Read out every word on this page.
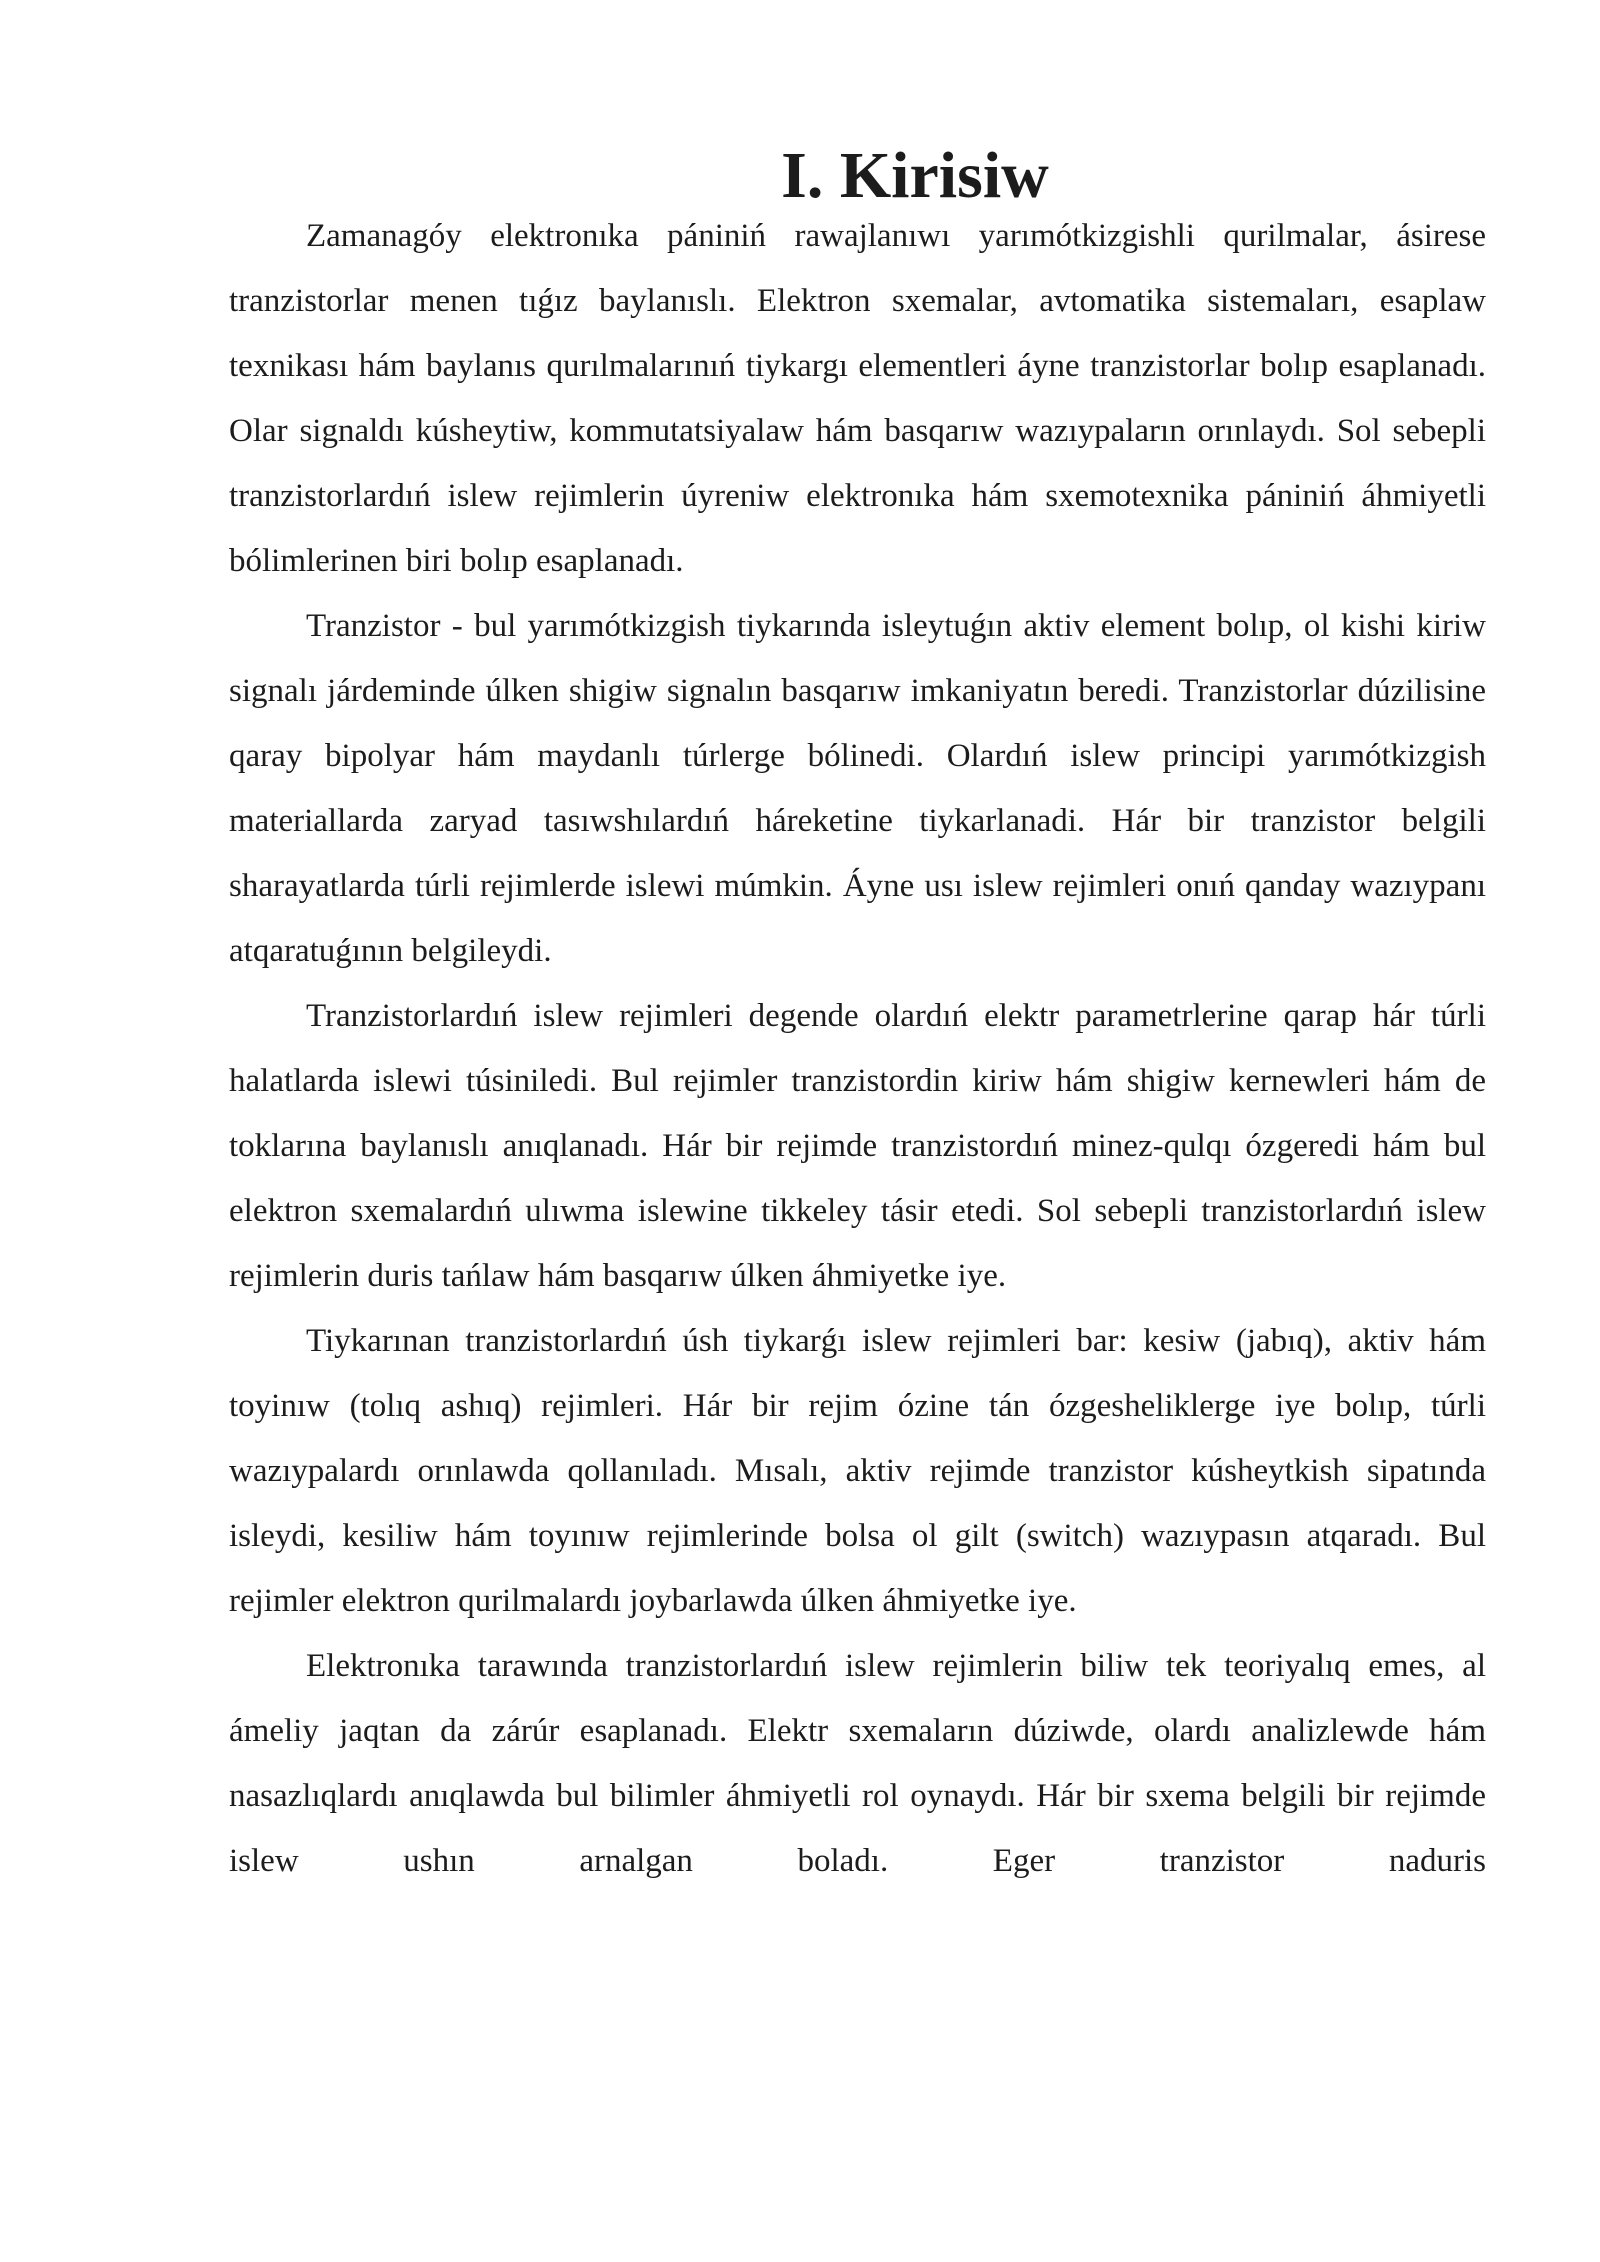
I. Kirisiw

Zamanagóy elektronıka pániniń rawajlanıwı yarımótkizgishli qurilmalar, ásirese tranzistorlar menen tıǵız baylanıslı. Elektron sxemalar, avtomatika sistemaları, esaplaw texnikası hám baylanıs qurılmalarınıń tiykargı elementleri áyne tranzistorlar bolıp esaplanadı. Olar signaldı kúsheytiw, kommutatsiyalaw hám basqarıw wazıypaların orınlaydı. Sol sebepli tranzistorlardıń islew rejimlerin úyreniw elektronıka hám sxemotexnika pániniń áhmiyetli bólimlerinen biri bolıp esaplanadı.

Tranzistor - bul yarımótkizgish tiykarında isleytuǵın aktiv element bolıp, ol kishi kiriw signalı járdeminde úlken shigiw signalın basqarıw imkaniyatın beredi. Tranzistorlar dúzilisine qaray bipolyar hám maydanlı túrlerge bólinedi. Olardıń islew principi yarımótkizgish materiallarda zaryad tasıwshılardıń háreketine tiykarlanadi. Hár bir tranzistor belgili sharayatlarda túrli rejimlerde islewi múmkin. Áyne usı islew rejimleri onıń qanday wazıypanı atqaratuǵının belgileydi.

Tranzistorlardıń islew rejimleri degende olardıń elektr parametrlerine qarap hár túrli halatlarda islewi túsiniledi. Bul rejimler tranzistordin kiriw hám shigiw kernewleri hám de toklarına baylanıslı anıqlanadı. Hár bir rejimde tranzistordıń minez-qulqı ózgeredi hám bul elektron sxemalardıń ulıwma islewine tikkeley tásir etedi. Sol sebepli tranzistorlardıń islew rejimlerin duris tańlaw hám basqarıw úlken áhmiyetke iye.

Tiykarınan tranzistorlardıń úsh tiykarǵı islew rejimleri bar: kesiw (jabıq), aktiv hám toyinıw (tolıq ashıq) rejimleri. Hár bir rejim ózine tán ózgesheliklerge iye bolıp, túrli wazıypalardı orınlawda qollanıladı. Mısalı, aktiv rejimde tranzistor kúsheytkish sipatında isleydi, kesiliw hám toyınıw rejimlerinde bolsa ol gilt (switch) wazıypasın atqaradı. Bul rejimler elektron qurilmalardı joybarlawda úlken áhmiyetke iye.

Elektronıka tarawında tranzistorlardıń islew rejimlerin biliw tek teoriyalıq emes, al ámeliy jaqtan da zárúr esaplanadı. Elektr sxemaların dúziwde, olardı analizlewde hám nasazlıqlardı anıqlawda bul bilimler áhmiyetli rol oynaydı. Hár bir sxema belgili bir rejimde islew ushın arnalgan boladı. Eger tranzistor naduris
